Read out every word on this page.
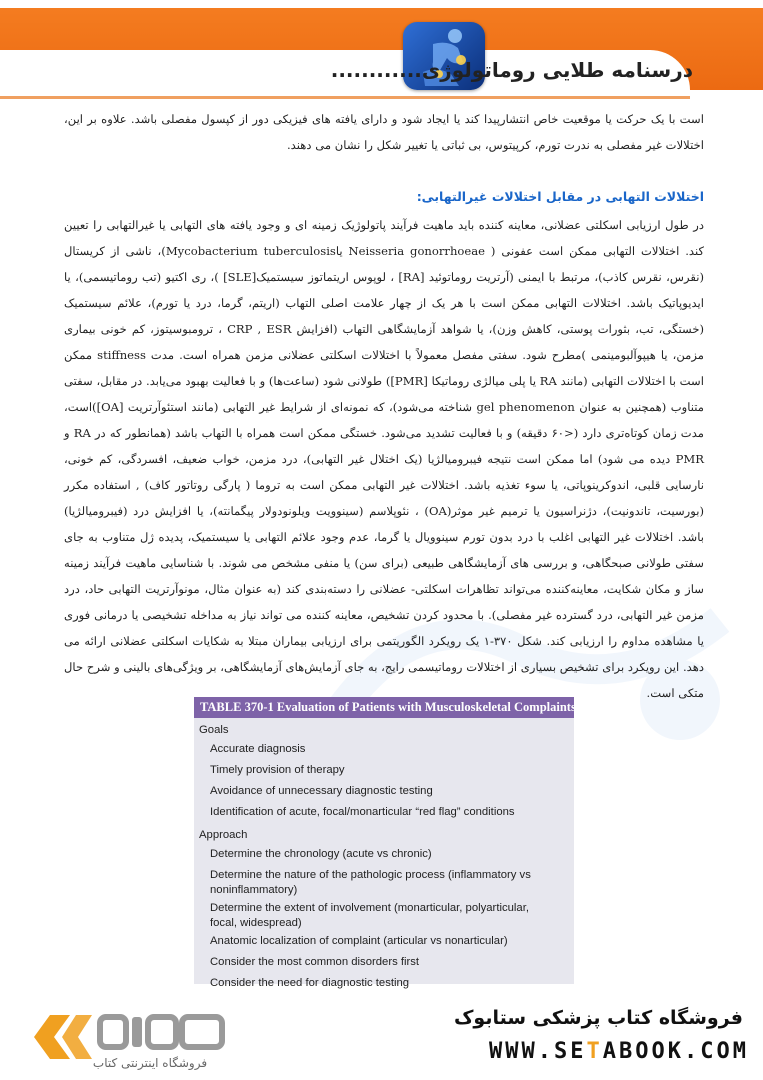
درسنامه طلایی روماتولوژی............

است با یک حرکت یا موقعیت خاص انتشارپیدا کند یا ایجاد شود و دارای یافته های فیزیکی دور از کپسول مفصلی باشد. علاوه بر این، اختلالات غیر مفصلی به ندرت تورم، کرپیتوس، بی ثباتی یا تغییر شکل را نشان می دهند.

اختلالات التهابی در مقابل اختلالات غیرالتهابی:

در طول ارزیابی اسکلتی عضلانی، معاینه کننده باید ماهیت فرآیند پاتولوژیک زمینه ای و وجود یافته های التهابی یا غیرالتهابی را تعیین کند. اختلالات التهابی ممکن است عفونی ( Neisseria gonorrhoeae یاMycobacterium tuberculosis)، ناشی از کریستال (نقرس، نقرس کاذب)، مرتبط با ایمنی (آرتریت روماتوئید [RA] ، لوپوس اریتماتوز سیستمیک[SLE] )، ری اکتیو (تب روماتیسمی)، یا ایدیوپاتیک باشد. اختلالات التهابی ممکن است با هر یک از چهار علامت اصلی التهاب (اریتم، گرما، درد یا تورم)، علائم سیستمیک (خستگی، تب، بثورات پوستی، کاهش وزن)، یا شواهد آزمایشگاهی التهاب (افزایش CRP , ESR ، ترومبوسیتوز، کم خونی بیماری مزمن، یا هیپوآلبومینمی )مطرح شود. سفتی مفصل معمولاً با اختلالات اسکلتی عضلانی مزمن همراه است. مدت stiffness ممکن است با اختلالات التهابی (مانند RA یا پلی میالژی روماتیکا [PMR]) طولانی شود (ساعت‌ها) و با فعالیت بهبود می‌یابد. در مقابل، سفتی متناوب (همچنین به عنوان gel phenomenon شناخته می‌شود)، که نمونه‌ای از شرایط غیر التهابی (مانند استئوآرتریت [OA])است، مدت زمان کوتاه‌تری دارد (<۶۰ دقیقه) و با فعالیت تشدید می‌شود. خستگی ممکن است همراه با التهاب باشد (همانطور که در RA و PMR دیده می شود) اما ممکن است نتیجه فیبرومیالژیا (یک اختلال غیر التهابی)، درد مزمن، خواب ضعیف، افسردگی، کم خونی، نارسایی قلبی، اندوکرینوپاتی، یا سوء تغذیه باشد. اختلالات غیر التهابی ممکن است به تروما ( پارگی روتاتور کاف) , استفاده مکرر (بورسیت، تاندونیت)، دژنراسیون یا ترمیم غیر موثر(OA) ، نئوپلاسم (سینوویت ویلونودولار پیگمانته)، یا افزایش درد (فیبرومیالژیا) باشد. اختلالات غیر التهابی اغلب با درد بدون تورم سینوویال یا گرما، عدم وجود علائم التهابی یا سیستمیک، پدیده ژل متناوب به جای سفتی طولانی صبحگاهی، و بررسی های آزمایشگاهی طبیعی (برای سن) یا منفی مشخص می شوند. با شناسایی ماهیت فرآیند زمینه ساز و مکان شکایت، معاینه‌کننده می‌تواند تظاهرات اسکلتی- عضلانی را دسته‌بندی کند (به عنوان مثال، مونوآرتریت التهابی حاد، درد مزمن غیر التهابی، درد گسترده غیر مفصلی). با محدود کردن تشخیص، معاینه کننده می تواند نیاز به مداخله تشخیصی یا درمانی فوری یا مشاهده مداوم را ارزیابی کند. شکل ۳۷۰-۱ یک رویکرد الگوریتمی برای ارزیابی بیماران مبتلا به شکایات اسکلتی عضلانی ارائه می دهد. این رویکرد برای تشخیص بسیاری از اختلالات روماتیسمی رایج، به جای آزمایش‌های آزمایشگاهی، بر ویژگی‌های بالینی و شرح حال متکی است.

TABLE 370-1 Evaluation of Patients with Musculoskeletal Complaints
Goals
Accurate diagnosis
Timely provision of therapy
Avoidance of unnecessary diagnostic testing
Identification of acute, focal/monarticular “red flag” conditions
Approach
Determine the chronology (acute vs chronic)
Determine the nature of the pathologic process (inflammatory vs noninflammatory)
Determine the extent of involvement (monarticular, polyarticular, focal, widespread)
Anatomic localization of complaint (articular vs nonarticular)
Consider the most common disorders first
Consider the need for diagnostic testing
فروشگاه اینترنتی کتاب
فروشگاه کتاب پزشکی ستابوک
WWW.SETABOOK.COM
